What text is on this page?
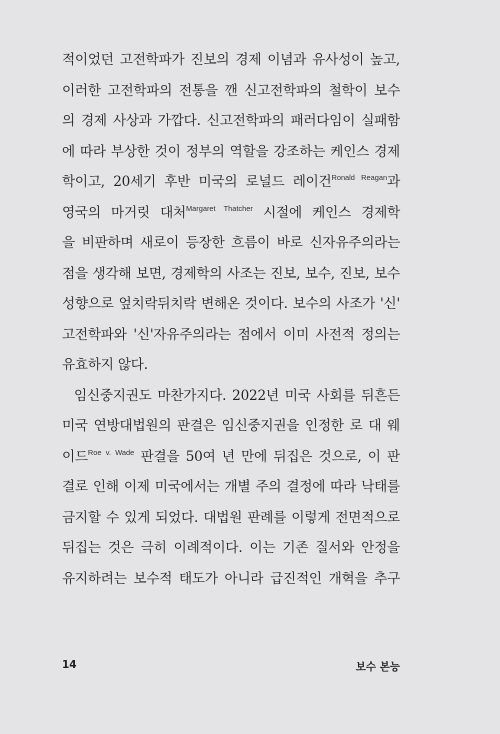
적이었던 고전학파가 진보의 경제 이념과 유사성이 높고,
이러한 고전학파의 전통을 깬 신고전학파의 철학이 보수
의 경제 사상과 가깝다. 신고전학파의 패러다임이 실패함
에 따라 부상한 것이 정부의 역할을 강조하는 케인스 경제
학이고, 20세기 후반 미국의 로널드 레이건$^{Ronald Reagan}$과
영국의 마거릿 대처$^{Margaret Thatcher}$ 시절에 케인스 경제학
을 비판하며 새로이 등장한 흐름이 바로 신자유주의라는
점을 생각해 보면, 경제학의 사조는 진보, 보수, 진보, 보수
성향으로 엎치락뒤치락 변해온 것이다. 보수의 사조가 '신'
고전학파와 '신'자유주의라는 점에서 이미 사전적 정의는
유효하지 않다.
임신중지권도 마찬가지다. 2022년 미국 사회를 뒤흔든
미국 연방대법원의 판결은 임신중지권을 인정한 로 대 웨
이드$^{Roe v. Wade}$ 판결을 50여 년 만에 뒤집은 것으로, 이 판
결로 인해 이제 미국에서는 개별 주의 결정에 따라 낙태를
금지할 수 있게 되었다. 대법원 판례를 이렇게 전면적으로
뒤집는 것은 극히 이례적이다. 이는 기존 질서와 안정을
유지하려는 보수적 태도가 아니라 급진적인 개혁을 추구
14	보수 본능
